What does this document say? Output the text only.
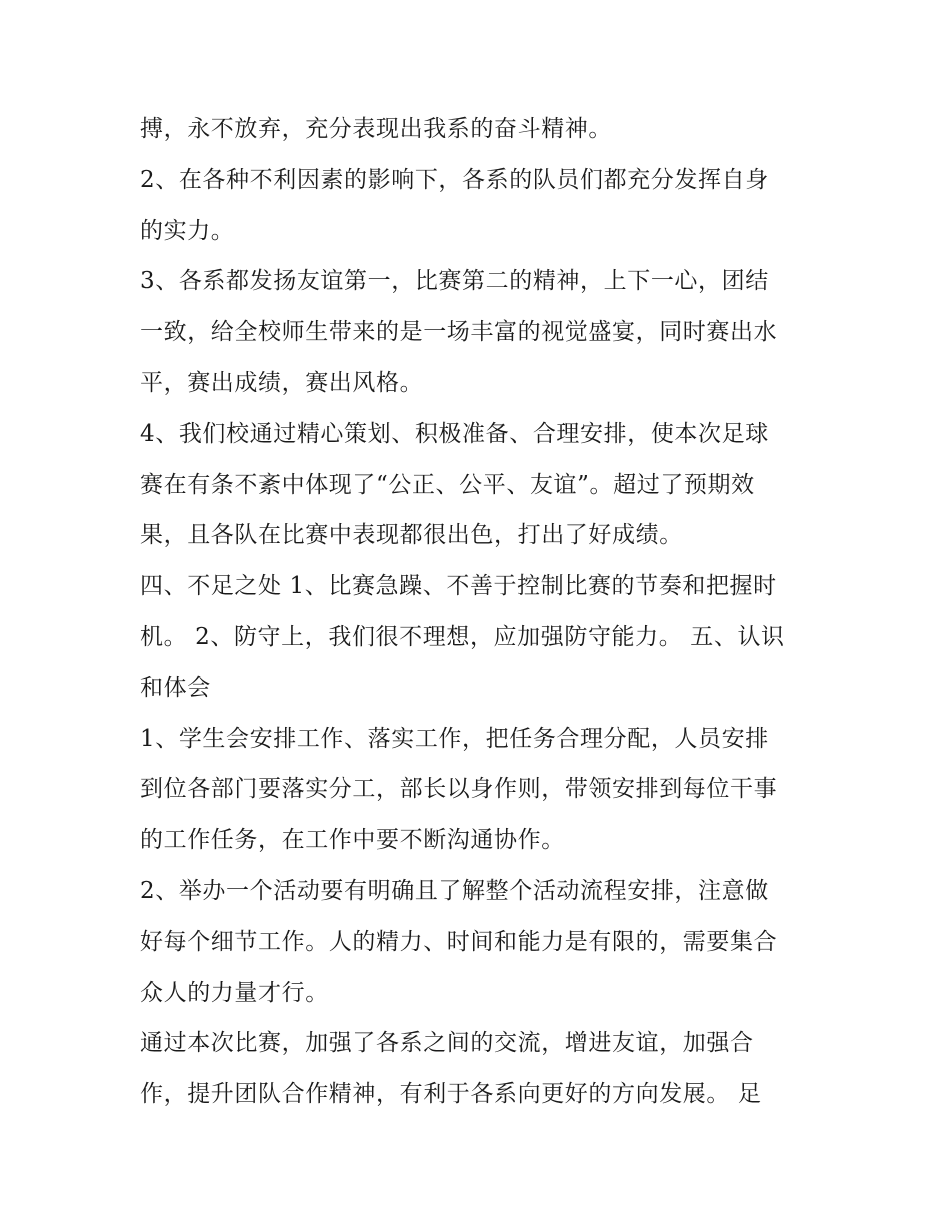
搏，永不放弃，充分表现出我系的奋斗精神。
2、在各种不利因素的影响下，各系的队员们都充分发挥自身
的实力。
3、各系都发扬友谊第一，比赛第二的精神，上下一心，团结
一致，给全校师生带来的是一场丰富的视觉盛宴，同时赛出水
平，赛出成绩，赛出风格。
4、我们校通过精心策划、积极准备、合理安排，使本次足球
赛在有条不紊中体现了“公正、公平、友谊”。超过了预期效
果，且各队在比赛中表现都很出色，打出了好成绩。
四、不足之处 1、比赛急躁、不善于控制比赛的节奏和把握时
机。 2、防守上，我们很不理想，应加强防守能力。 五、认识
和体会
1、学生会安排工作、落实工作，把任务合理分配，人员安排
到位各部门要落实分工，部长以身作则，带领安排到每位干事
的工作任务，在工作中要不断沟通协作。
2、举办一个活动要有明确且了解整个活动流程安排，注意做
好每个细节工作。人的精力、时间和能力是有限的，需要集合
众人的力量才行。
通过本次比赛，加强了各系之间的交流，增进友谊，加强合
作，提升团队合作精神，有利于各系向更好的方向发展。 足
